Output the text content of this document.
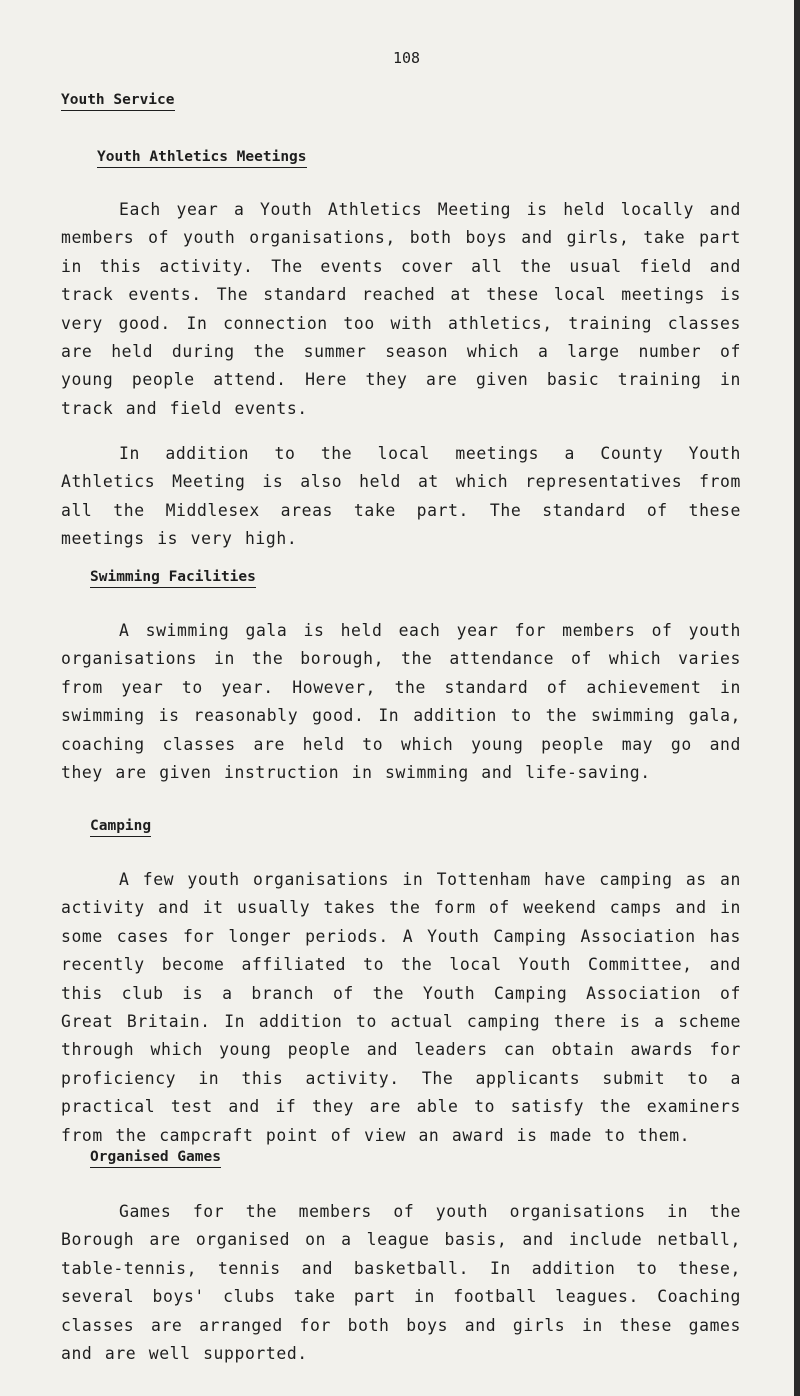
108
Youth Service
Youth Athletics Meetings

Each year a Youth Athletics Meeting is held locally and members of youth organisations, both boys and girls, take part in this activity. The events cover all the usual field and track events. The standard reached at these local meetings is very good. In connection too with athletics, training classes are held during the summer season which a large number of young people attend. Here they are given basic training in track and field events.

In addition to the local meetings a County Youth Athletics Meeting is also held at which representatives from all the Middlesex areas take part. The standard of these meetings is very high.

Swimming Facilities

A swimming gala is held each year for members of youth organisations in the borough, the attendance of which varies from year to year. However, the standard of achievement in swimming is reasonably good. In addition to the swimming gala, coaching classes are held to which young people may go and they are given instruction in swimming and life-saving.

Camping

A few youth organisations in Tottenham have camping as an activity and it usually takes the form of weekend camps and in some cases for longer periods. A Youth Camping Association has recently become affiliated to the local Youth Committee, and this club is a branch of the Youth Camping Association of Great Britain. In addition to actual camping there is a scheme through which young people and leaders can obtain awards for proficiency in this activity. The applicants submit to a practical test and if they are able to satisfy the examiners from the campcraft point of view an award is made to them.

Organised Games

Games for the members of youth organisations in the Borough are organised on a league basis, and include netball, table-tennis, tennis and basketball. In addition to these, several boys' clubs take part in football leagues. Coaching classes are arranged for both boys and girls in these games and are well supported.
